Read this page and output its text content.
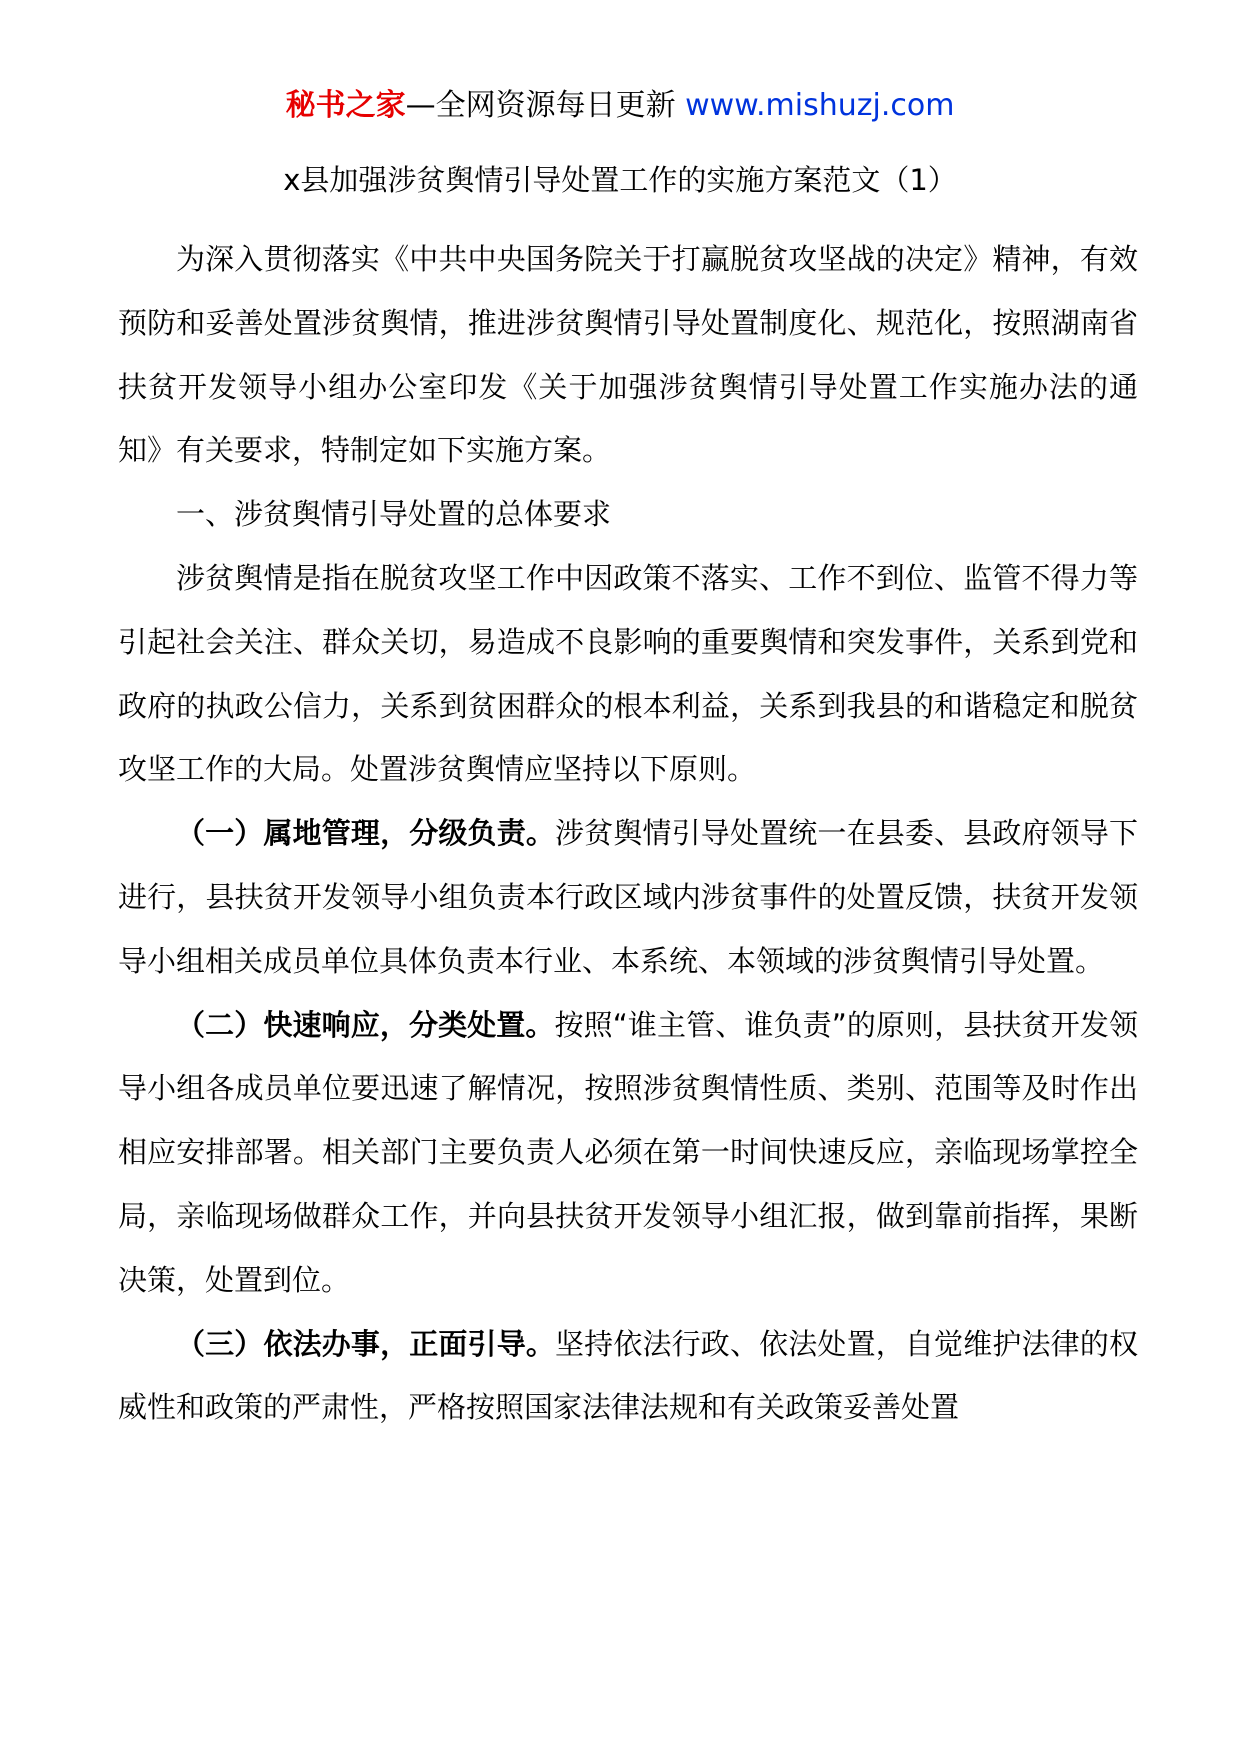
秘书之家—全网资源每日更新 www.mishuzj.com
x县加强涉贫舆情引导处置工作的实施方案范文（1）

为深入贯彻落实《中共中央国务院关于打赢脱贫攻坚战的决定》精神，有效预防和妥善处置涉贫舆情，推进涉贫舆情引导处置制度化、规范化，按照湖南省扶贫开发领导小组办公室印发《关于加强涉贫舆情引导处置工作实施办法的通知》有关要求，特制定如下实施方案。

一、涉贫舆情引导处置的总体要求

涉贫舆情是指在脱贫攻坚工作中因政策不落实、工作不到位、监管不得力等引起社会关注、群众关切，易造成不良影响的重要舆情和突发事件，关系到党和政府的执政公信力，关系到贫困群众的根本利益，关系到我县的和谐稳定和脱贫攻坚工作的大局。处置涉贫舆情应坚持以下原则。

（一）属地管理，分级负责。涉贫舆情引导处置统一在县委、县政府领导下进行，县扶贫开发领导小组负责本行政区域内涉贫事件的处置反馈，扶贫开发领导小组相关成员单位具体负责本行业、本系统、本领域的涉贫舆情引导处置。

（二）快速响应，分类处置。按照“谁主管、谁负责”的原则，县扶贫开发领导小组各成员单位要迅速了解情况，按照涉贫舆情性质、类别、范围等及时作出相应安排部署。相关部门主要负责人必须在第一时间快速反应，亲临现场掌控全局，亲临现场做群众工作，并向县扶贫开发领导小组汇报，做到靠前指挥，果断决策，处置到位。

（三）依法办事，正面引导。坚持依法行政、依法处置，自觉维护法律的权威性和政策的严肃性，严格按照国家法律法规和有关政策妥善处置
